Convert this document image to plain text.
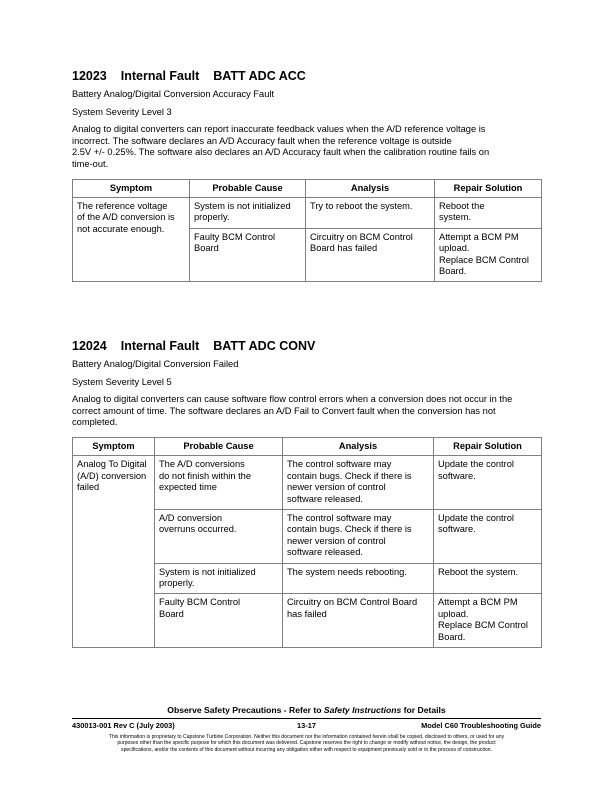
12023 Internal Fault BATT ADC ACC

Battery Analog/Digital Conversion Accuracy Fault

System Severity Level 3

Analog to digital converters can report inaccurate feedback values when the A/D reference voltage is
incorrect. The software declares an A/D Accuracy fault when the reference voltage is outside
2.5V +/- 0.25%. The software also declares an A/D Accuracy fault when the calibration routine fails on
time-out.

Symptom	Probable Cause	Analysis	Repair Solution
The reference voltage
of the A/D conversion is
not accurate enough.	System is not initialized
properly.	Try to reboot the system.	Reboot the
system.
	Faulty BCM Control
Board	Circuitry on BCM Control
Board has failed	Attempt a BCM PM
upload.
Replace BCM Control
Board.
12024 Internal Fault BATT ADC CONV

Battery Analog/Digital Conversion Failed

System Severity Level 5

Analog to digital converters can cause software flow control errors when a conversion does not occur in the
correct amount of time. The software declares an A/D Fail to Convert fault when the conversion has not
completed.

Symptom	Probable Cause	Analysis	Repair Solution
Analog To Digital
(A/D) conversion
failed	The A/D conversions
do not finish within the
expected time	The control software may
contain bugs. Check if there is
newer version of control
software released.	Update the control
software.
	A/D conversion
overruns occurred.	The control software may
contain bugs. Check if there is
newer version of control
software released.	Update the control
software.
	System is not initialized
properly.	The system needs rebooting.	Reboot the system.
	Faulty BCM Control
Board	Circuitry on BCM Control Board
has failed	Attempt a BCM PM
upload.
Replace BCM Control
Board.
Observe Safety Precautions - Refer to Safety Instructions for Details
430013-001 Rev C (July 2003)	13-17	Model C60 Troubleshooting Guide
This information is proprietary to Capstone Turbine Corporation. Neither this document nor the information contained herein shall be copied, disclosed to others, or used for any
purposes other than the specific purpose for which this document was delivered. Capstone reserves the right to change or modify without notice, the design, the product
specifications, and/or the contents of this document without incurring any obligation either with respect to equipment previously sold or in the process of construction.
